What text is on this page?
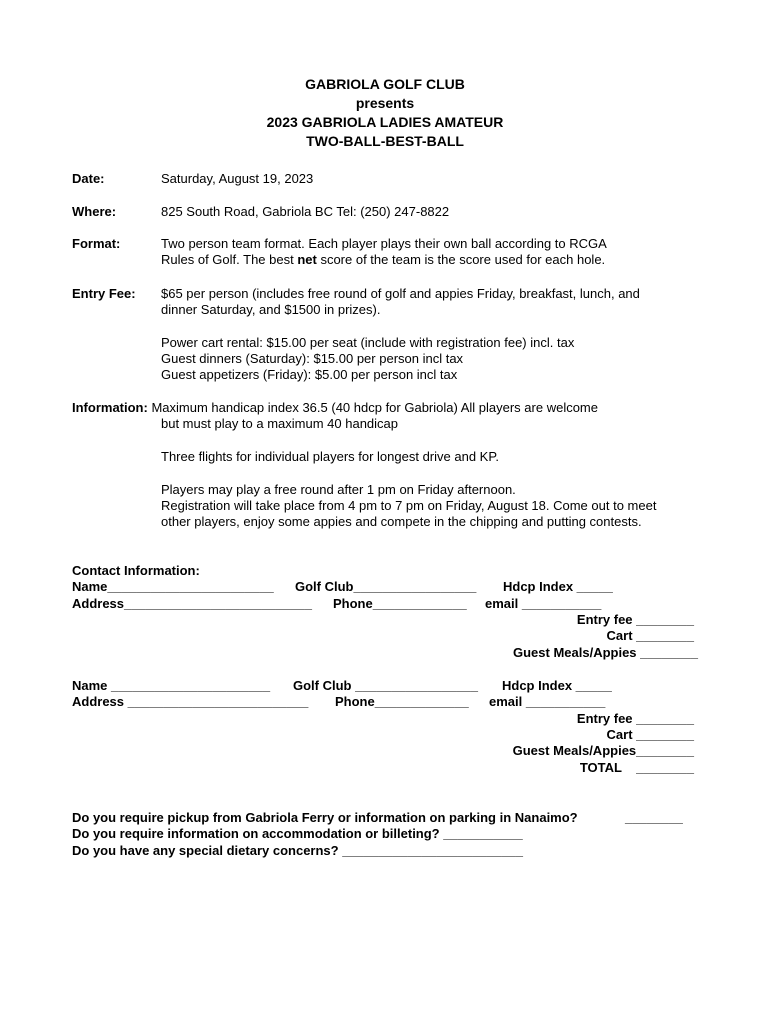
GABRIOLA GOLF CLUB
presents
2023 GABRIOLA LADIES AMATEUR
TWO-BALL-BEST-BALL
Date:	Saturday, August 19, 2023
Where:	825 South Road, Gabriola BC Tel: (250) 247-8822
Format:	Two person team format. Each player plays their own ball according to RCGA
Rules of Golf. The best net score of the team is the score used for each hole.
Entry Fee: $65 per person (includes free round of golf and appies Friday, breakfast, lunch, and
dinner Saturday, and $1500 in prizes).
Power cart rental: $15.00 per seat (include with registration fee) incl. tax
Guest dinners (Saturday): $15.00 per person incl tax
Guest appetizers (Friday): $5.00 per person incl tax
Information: Maximum handicap index 36.5 (40 hdcp for Gabriola) All players are welcome
but must play to a maximum 40 handicap
Three flights for individual players for longest drive and KP.
Players may play a free round after 1 pm on Friday afternoon.
Registration will take place from 4 pm to 7 pm on Friday, August 18. Come out to meet
other players, enjoy some appies and compete in the chipping and putting contests.
Contact Information:
Name_______________________ Golf Club_________________ Hdcp Index _____
Address__________________________ Phone_____________ email ___________
Entry fee ________
Cart ________
Guest Meals/Appies ________
Name ______________________ Golf Club _________________ Hdcp Index _____
Address _________________________ Phone_____________ email ___________
Entry fee ________
Cart ________
Guest Meals/Appies________
TOTAL    ________
Do you require pickup from Gabriola Ferry or information on parking in Nanaimo?	________
Do you require information on accommodation or billeting? ___________
Do you have any special dietary concerns? _________________________
